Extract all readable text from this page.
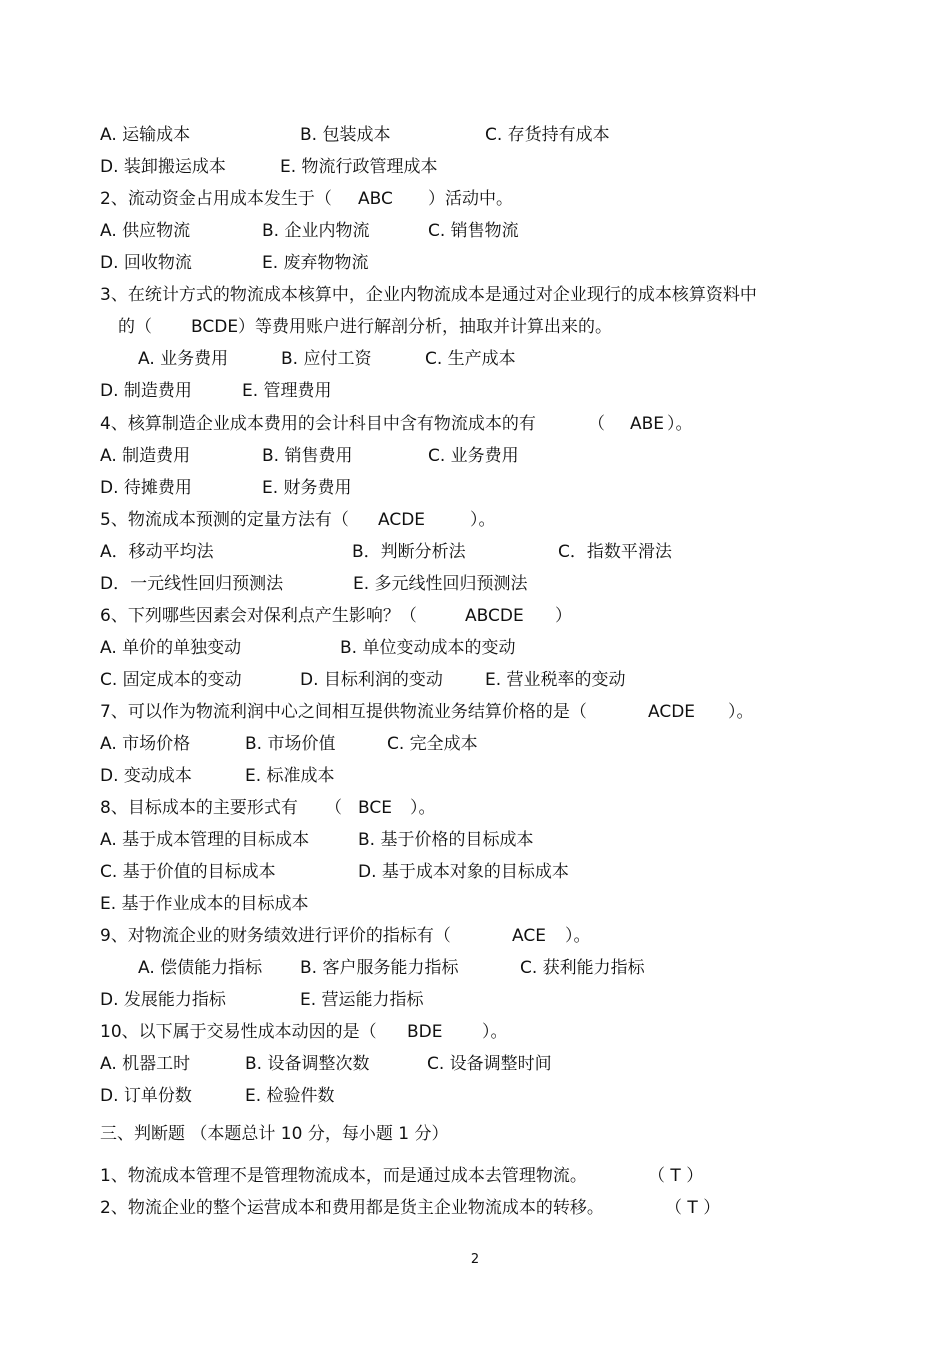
A. 运输成本	B. 包装成本	C. 存货持有成本
D. 装卸搬运成本	E. 物流行政管理成本
2、流动资金占用成本发生于（ ABC ）活动中。
A. 供应物流	B. 企业内物流	C. 销售物流
D. 回收物流	E. 废弃物物流
3、在统计方式的物流成本核算中，企业内物流成本是通过对企业现行的成本核算资料中
的（ BCDE ）等费用账户进行解剖分析，抽取并计算出来的。
A. 业务费用	B. 应付工资	C. 生产成本
D. 制造费用	E. 管理费用
4、核算制造企业成本费用的会计科目中含有物流成本的有	（ ABE ）。
A. 制造费用	B. 销售费用	C. 业务费用
D. 待摊费用	E. 财务费用
5、物流成本预测的定量方法有（ ACDE	）。
A．移动平均法	B．判断分析法	C．指数平滑法
D．一元线性回归预测法	E. 多元线性回归预测法
6、下列哪些因素会对保利点产生影响？（	ABCDE ）
A. 单价的单独变动	B. 单位变动成本的变动
C. 固定成本的变动	D. 目标利润的变动 E. 营业税率的变动
7、可以作为物流利润中心之间相互提供物流业务结算价格的是（	ACDE ）。
A. 市场价格	B. 市场价值	C. 完全成本
D. 变动成本	E. 标准成本
8、目标成本的主要形式有 （ BCE ）。
A. 基于成本管理的目标成本	B. 基于价格的目标成本
C. 基于价值的目标成本	D. 基于成本对象的目标成本
E. 基于作业成本的目标成本
9、对物流企业的财务绩效进行评价的指标有（	ACE ）。
A. 偿债能力指标 B. 客户服务能力指标	C. 获利能力指标
D. 发展能力指标	E. 营运能力指标
10、以下属于交易性成本动因的是（ BDE ）。
A. 机器工时	B. 设备调整次数	C. 设备调整时间
D. 订单份数	E. 检验件数
三、判断题 （本题总计 10 分，每小题 1 分）
1、物流成本管理不是管理物流成本，而是通过成本去管理物流。	（ T ）
2、物流企业的整个运营成本和费用都是货主企业物流成本的转移。	（ T ）
2
